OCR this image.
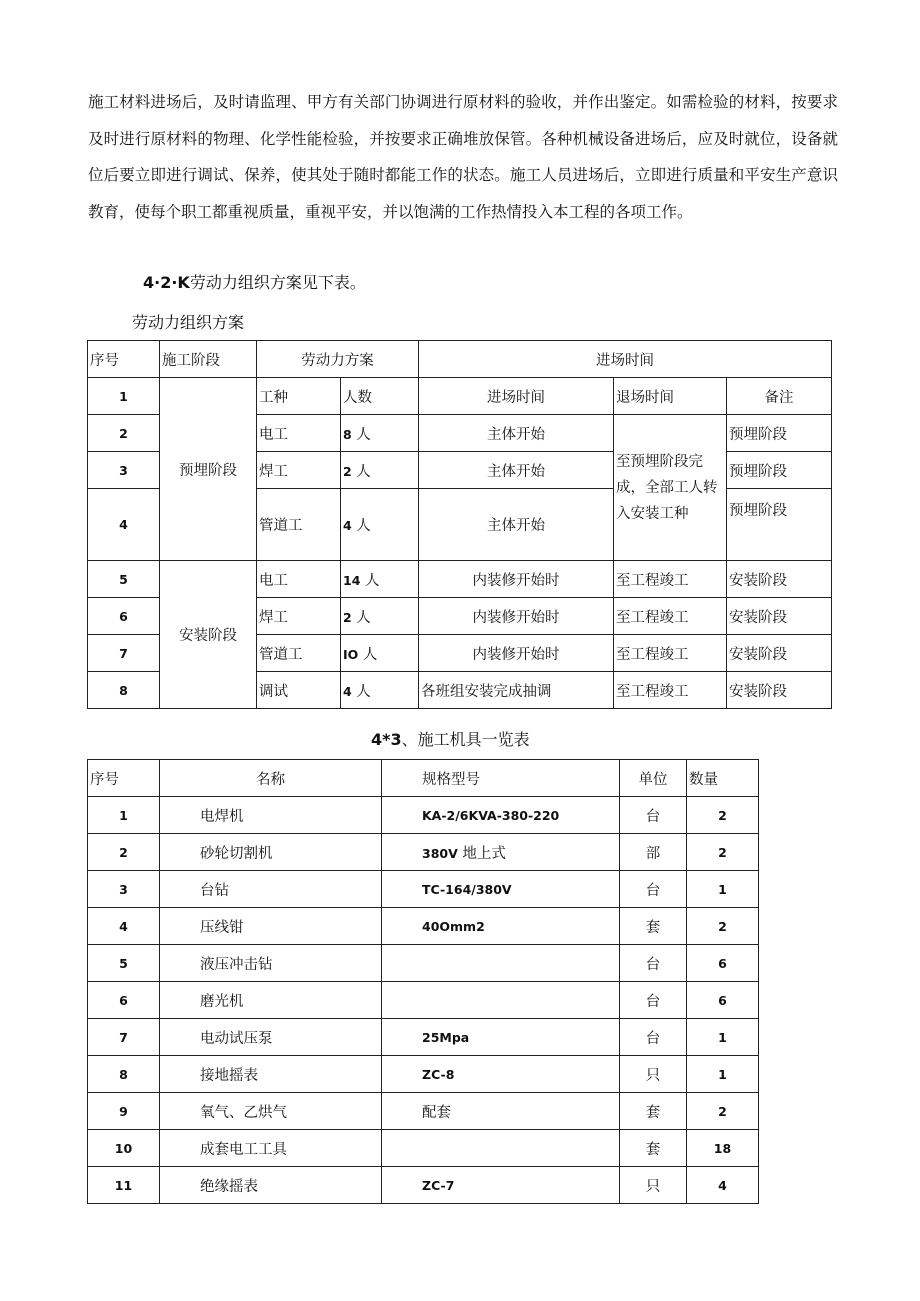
施工材料进场后，及时请监理、甲方有关部门协调进行原材料的验收，并作出鉴定。如需检验的材料，按要求及时进行原材料的物理、化学性能检验，并按要求正确堆放保管。各种机械设备进场后，应及时就位，设备就位后要立即进行调试、保养，使其处于随时都能工作的状态。施工人员进场后，立即进行质量和平安生产意识教育，使每个职工都重视质量，重视平安，并以饱满的工作热情投入本工程的各项工作。

4·2·K劳动力组织方案见下表。

劳动力组织方案

序号	施工阶段	劳动力方案		进场时间		
1	预埋阶段	工种	人数	进场时间	退场时间	备注
2		电工	8 人	主体开始	至预埋阶段完成，全部工人转入安装工种	预埋阶段
3		焊工	2 人	主体开始		预埋阶段
4		管道工	4 人	主体开始		预埋阶段
5	安装阶段	电工	14 人	内装修开始时	至工程竣工	安装阶段
6		焊工	2 人	内装修开始时	至工程竣工	安装阶段
7		管道工	IO 人	内装修开始时	至工程竣工	安装阶段
8		调试	4 人	各班组安装完成抽调	至工程竣工	安装阶段

4*3、施工机具一览表

序号	名称	规格型号	单位	数量
1	电焊机	KA-2/6KVA-380-220	台	2
2	砂轮切割机	380V 地上式	部	2
3	台钻	TC-164/380V	台	1
4	压线钳	40Omm2	套	2
5	液压冲击钻		台	6
6	磨光机		台	6
7	电动试压泵	25Mpa	台	1
8	接地摇表	ZC-8	只	1
9	氧气、乙烘气	配套	套	2
10	成套电工工具		套	18
11	绝缘摇表	ZC-7	只	4
